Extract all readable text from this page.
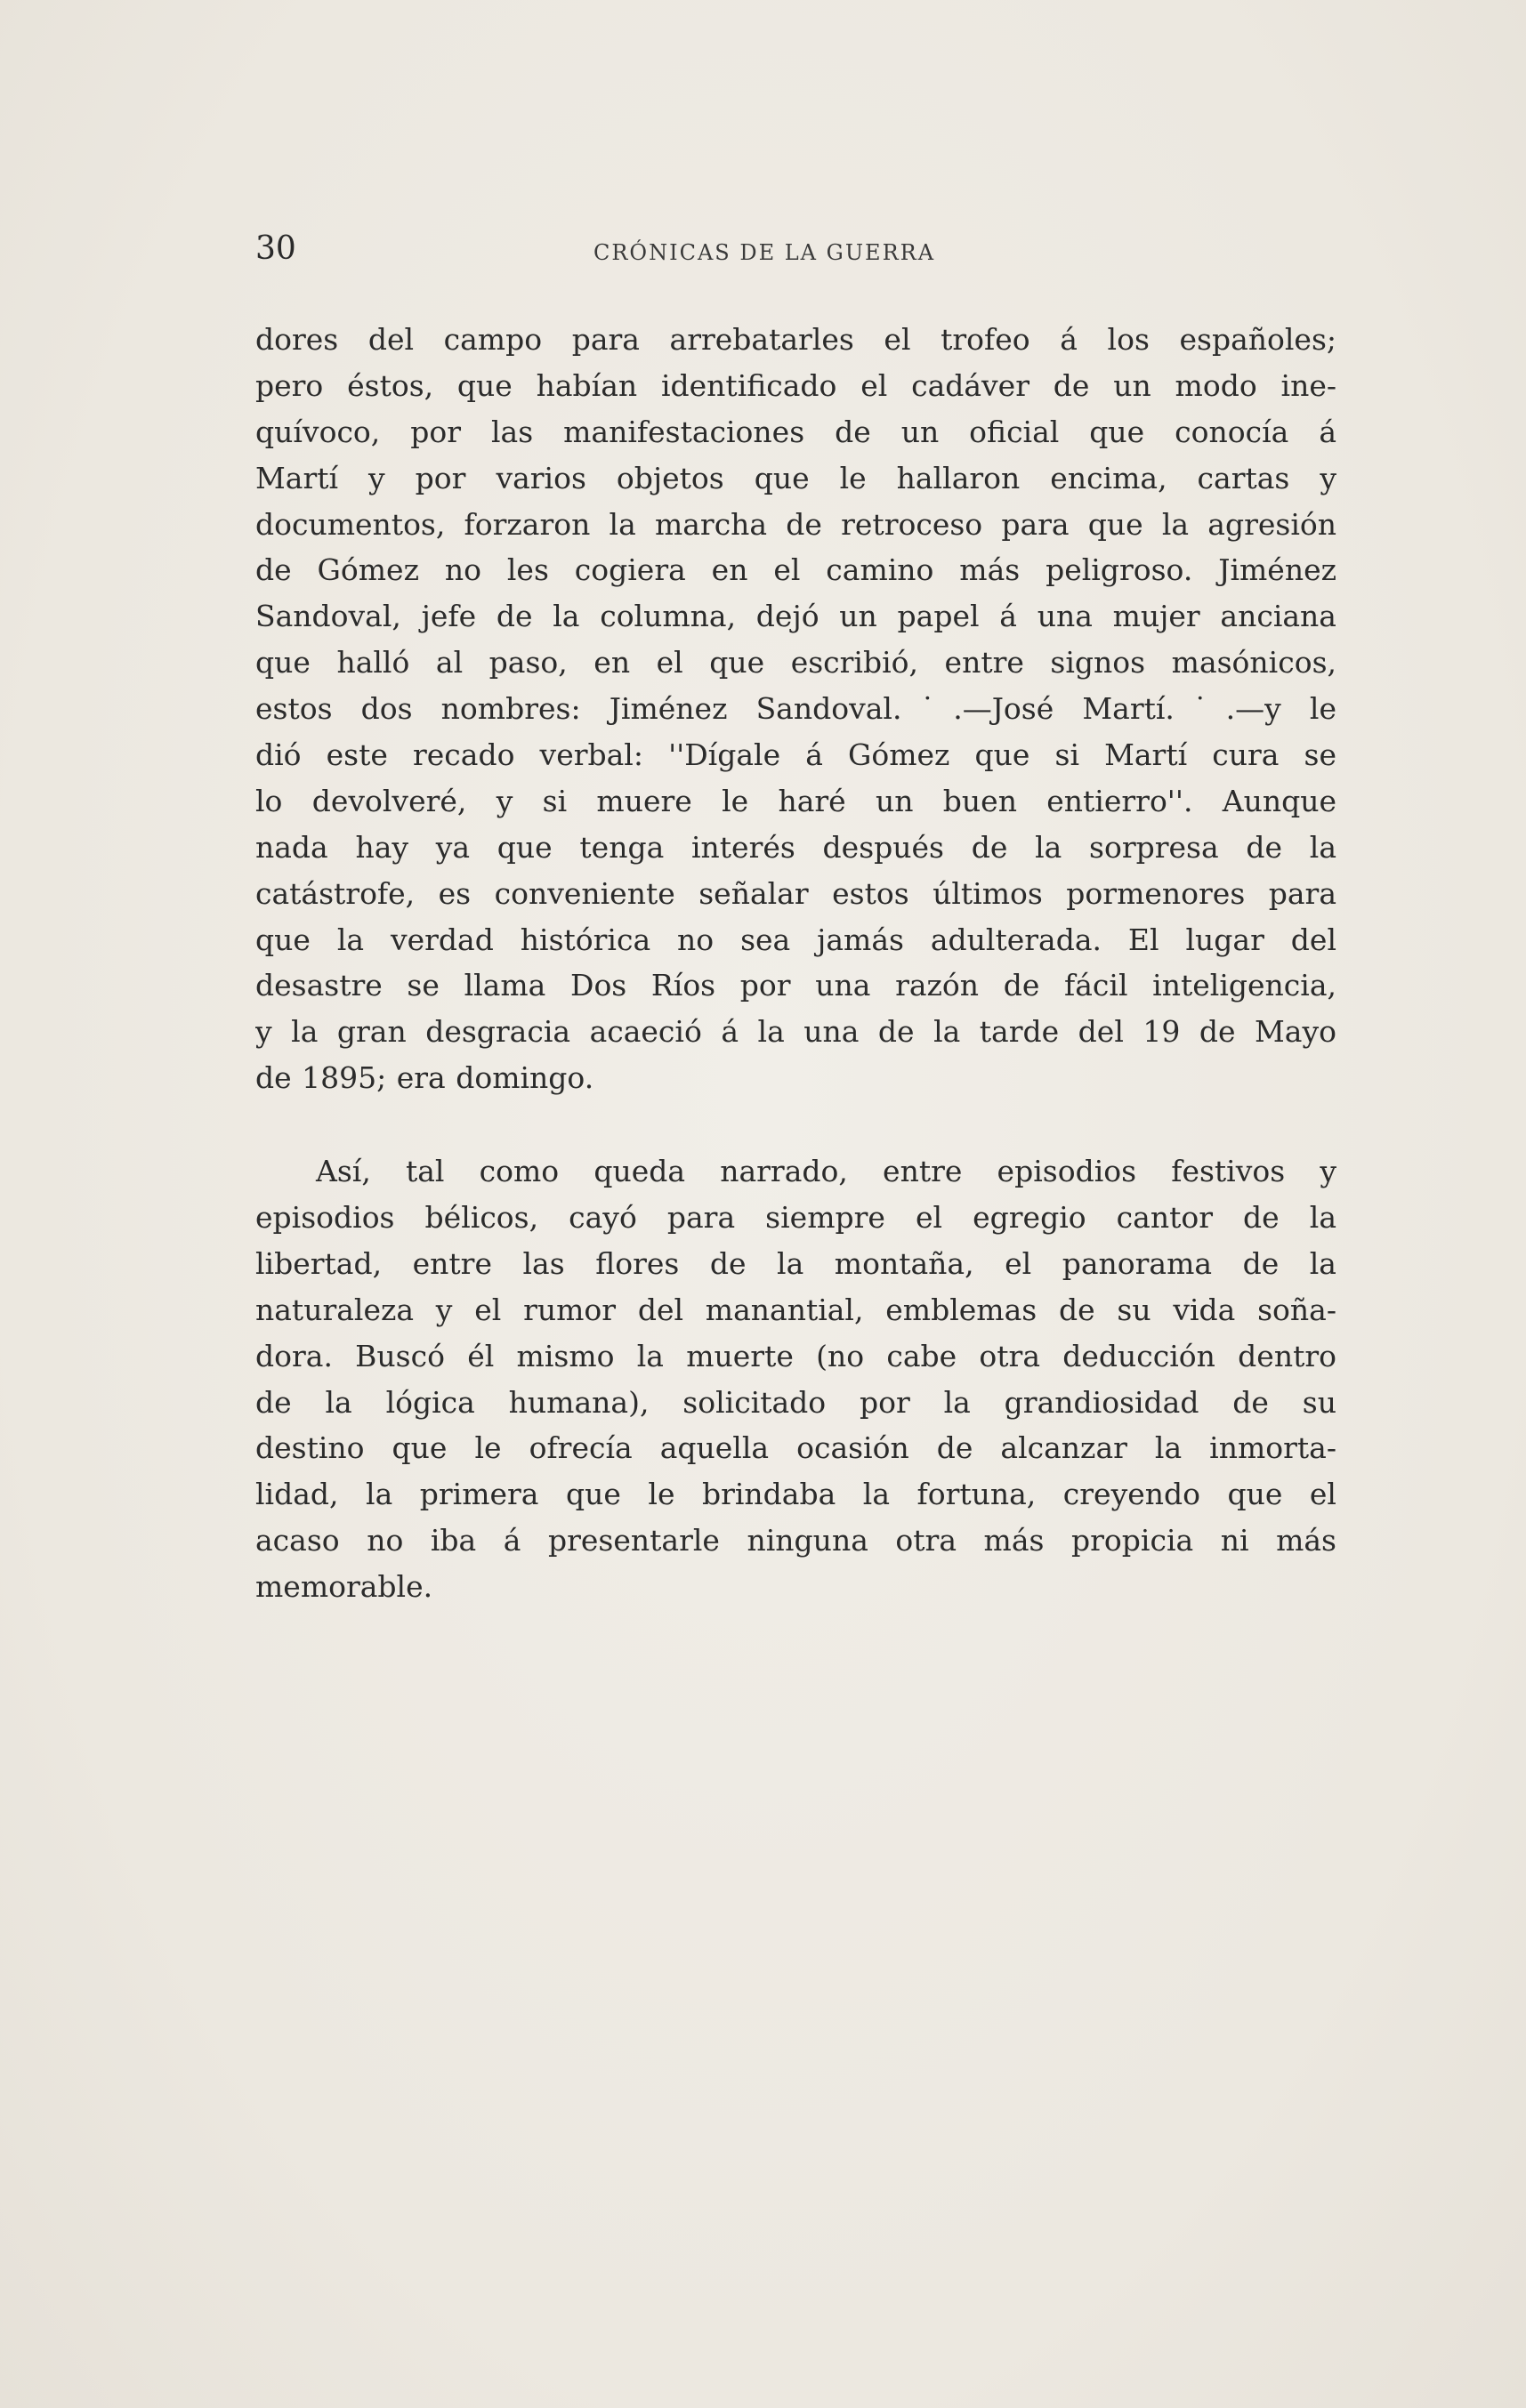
30	CRÓNICAS DE LA GUERRA
dores del campo para arrebatarles el trofeo á los españoles;
pero éstos, que habían identificado el cadáver de un modo ine-
quívoco, por las manifestaciones de un oficial que conocía á
Martí y por varios objetos que le hallaron encima, cartas y
documentos, forzaron la marcha de retroceso para que la agresión
de Gómez no les cogiera en el camino más peligroso. Jiménez
Sandoval, jefe de la columna, dejó un papel á una mujer anciana
que halló al paso, en el que escribió, entre signos masónicos,
estos dos nombres: Jiménez Sandoval.˙.—José Martí.˙.—y le
dió este recado verbal: ''Dígale á Gómez que si Martí cura se
lo devolveré, y si muere le haré un buen entierro''. Aunque
nada hay ya que tenga interés después de la sorpresa de la
catástrofe, es conveniente señalar estos últimos pormenores para
que la verdad histórica no sea jamás adulterada. El lugar del
desastre se llama Dos Ríos por una razón de fácil inteligencia,
y la gran desgracia acaeció á la una de la tarde del 19 de Mayo
de 1895; era domingo.
Así, tal como queda narrado, entre episodios festivos y
episodios bélicos, cayó para siempre el egregio cantor de la
libertad, entre las flores de la montaña, el panorama de la
naturaleza y el rumor del manantial, emblemas de su vida soña-
dora. Buscó él mismo la muerte (no cabe otra deducción dentro
de la lógica humana), solicitado por la grandiosidad de su
destino que le ofrecía aquella ocasión de alcanzar la inmorta-
lidad, la primera que le brindaba la fortuna, creyendo que el
acaso no iba á presentarle ninguna otra más propicia ni más
memorable.
